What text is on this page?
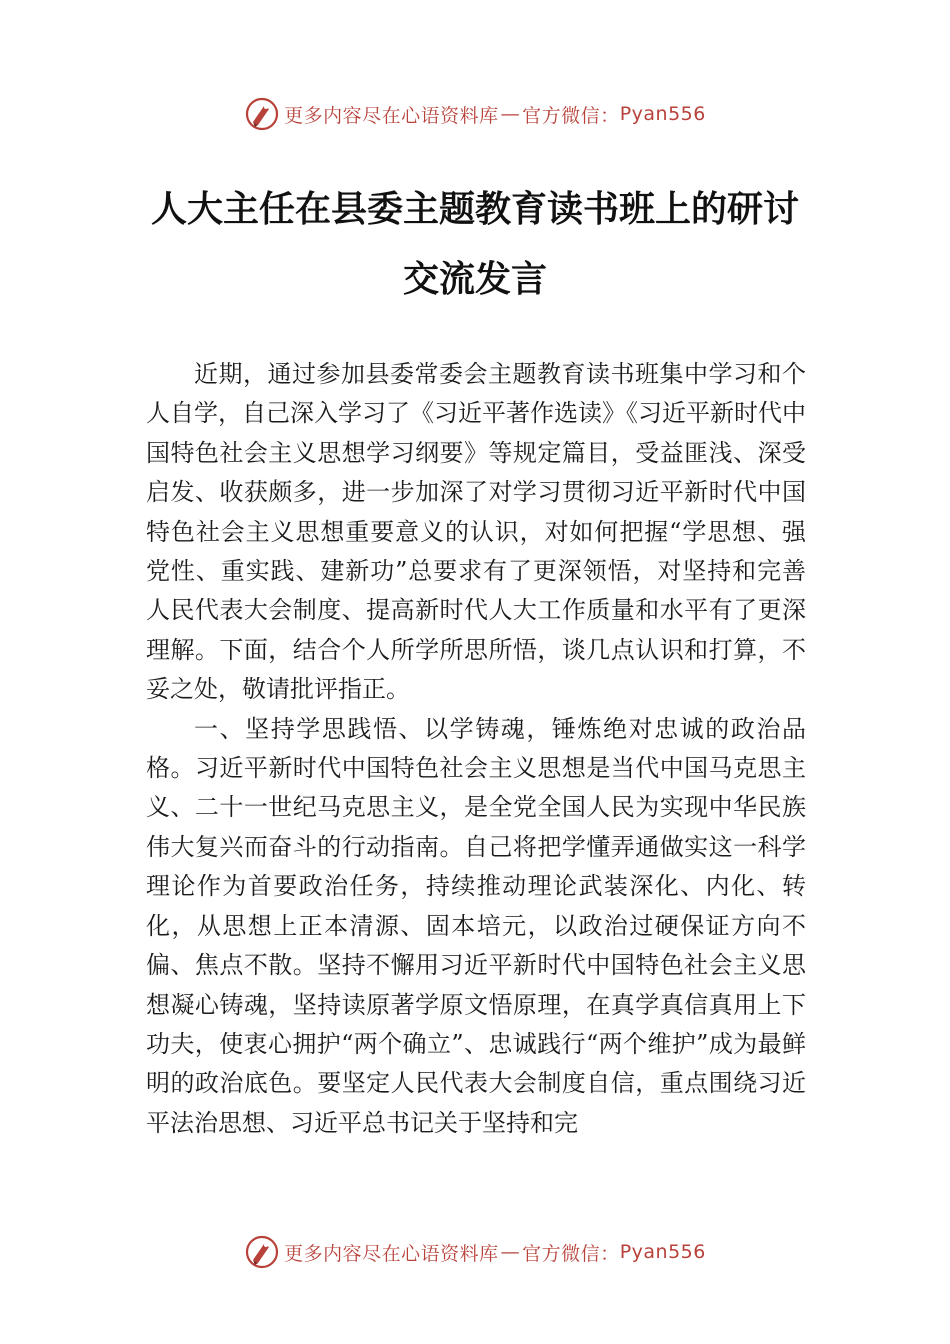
更多内容尽在心语资料库 — 官方微信： Pyan556
人大主任在县委主题教育读书班上的研讨
交流发言

近期，通过参加县委常委会主题教育读书班集中学习和个人自学，自己深入学习了《习近平著作选读》《习近平新时代中国特色社会主义思想学习纲要》等规定篇目，受益匪浅、深受启发、收获颇多，进一步加深了对学习贯彻习近平新时代中国特色社会主义思想重要意义的认识，对如何把握“学思想、强党性、重实践、建新功”总要求有了更深领悟，对坚持和完善人民代表大会制度、提高新时代人大工作质量和水平有了更深理解。下面，结合个人所学所思所悟，谈几点认识和打算，不妥之处，敬请批评指正。

一、坚持学思践悟、以学铸魂，锤炼绝对忠诚的政治品格。习近平新时代中国特色社会主义思想是当代中国马克思主义、二十一世纪马克思主义，是全党全国人民为实现中华民族伟大复兴而奋斗的行动指南。自己将把学懂弄通做实这一科学理论作为首要政治任务，持续推动理论武装深化、内化、转化，从思想上正本清源、固本培元，以政治过硬保证方向不偏、焦点不散。坚持不懈用习近平新时代中国特色社会主义思想凝心铸魂，坚持读原著学原文悟原理，在真学真信真用上下功夫，使衷心拥护“两个确立”、忠诚践行“两个维护”成为最鲜明的政治底色。要坚定人民代表大会制度自信，重点围绕习近平法治思想、习近平总书记关于坚持和完

更多内容尽在心语资料库 — 官方微信： Pyan556
